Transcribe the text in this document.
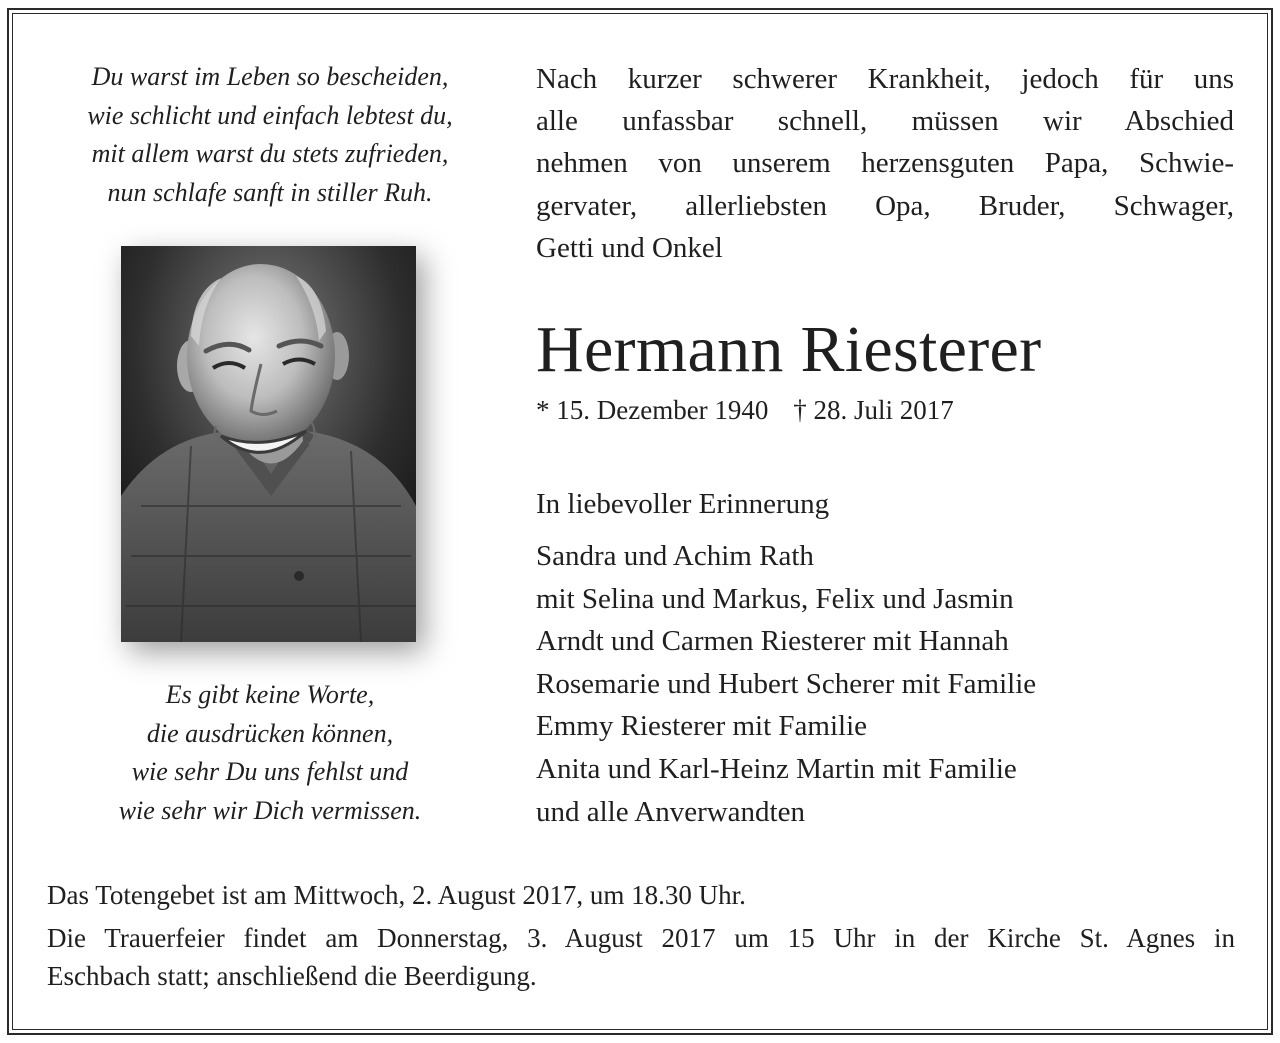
Du warst im Leben so bescheiden,
wie schlicht und einfach lebtest du,
mit allem warst du stets zufrieden,
nun schlafe sanft in stiller Ruh.
Es gibt keine Worte,
die ausdrücken können,
wie sehr Du uns fehlst und
wie sehr wir Dich vermissen.
Nach kurzer schwerer Krankheit, jedoch für uns
alle unfassbar schnell, müssen wir Abschied
nehmen von unserem herzensguten Papa, Schwie-
gervater, allerliebsten Opa, Bruder, Schwager,
Getti und Onkel
Hermann Riesterer
* 15. Dezember 1940 † 28. Juli 2017
In liebevoller Erinnerung
Sandra und Achim Rath
mit Selina und Markus, Felix und Jasmin
Arndt und Carmen Riesterer mit Hannah
Rosemarie und Hubert Scherer mit Familie
Emmy Riesterer mit Familie
Anita und Karl-Heinz Martin mit Familie
und alle Anverwandten
Das Totengebet ist am Mittwoch, 2. August 2017, um 18.30 Uhr.
Die Trauerfeier findet am Donnerstag, 3. August 2017 um 15 Uhr in der Kirche St. Agnes in
Eschbach statt; anschließend die Beerdigung.
